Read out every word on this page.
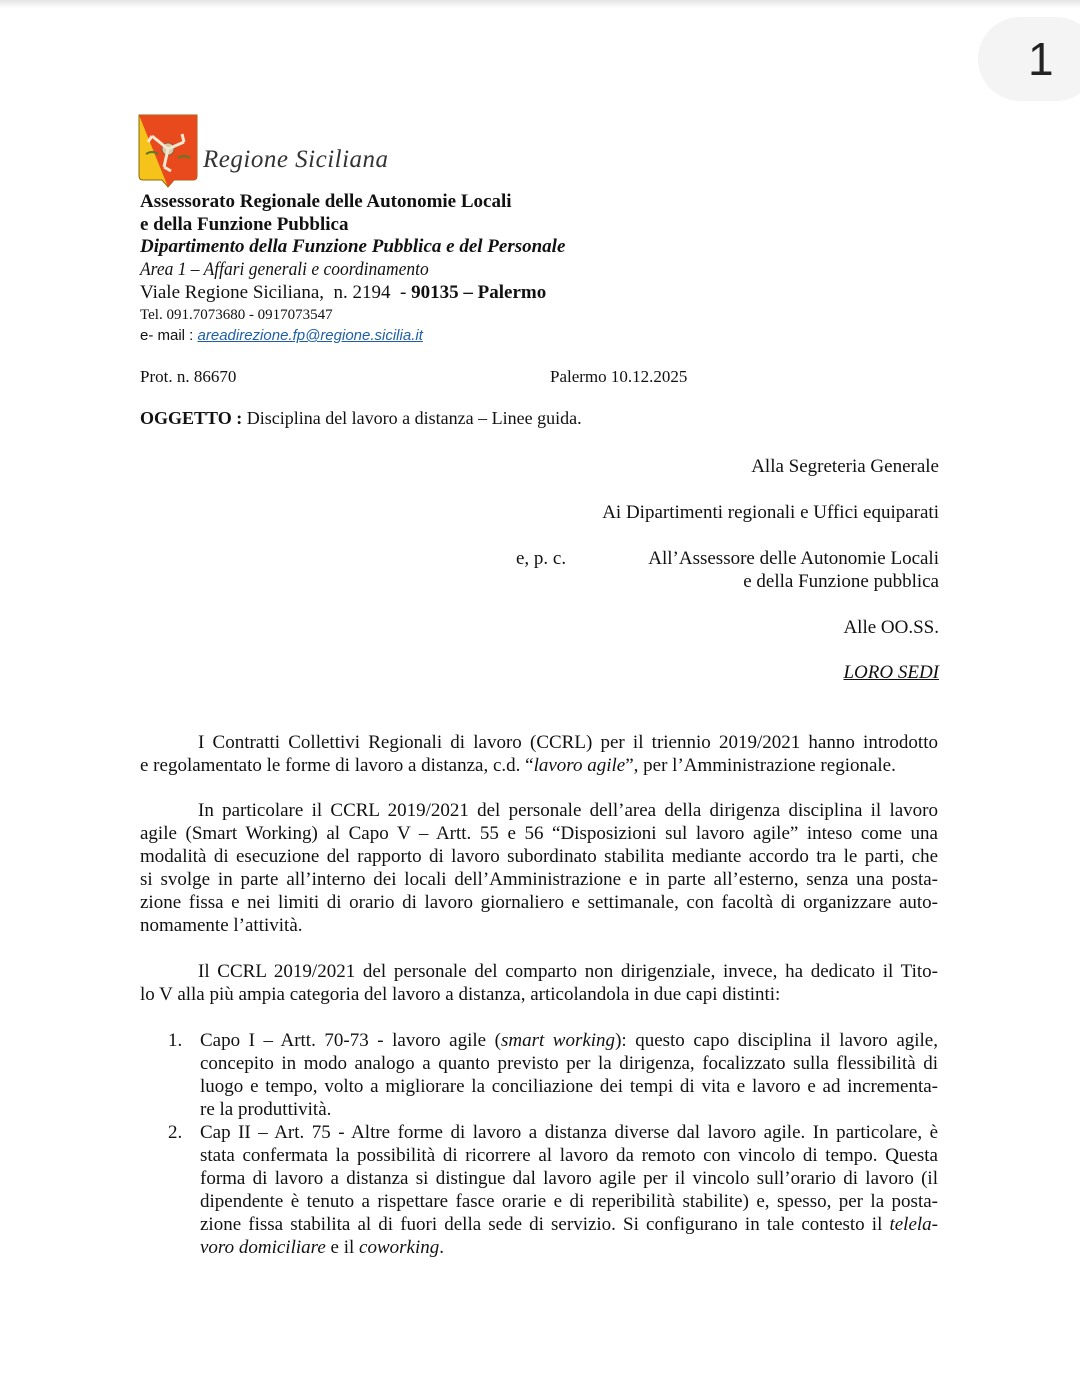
1
Regione Siciliana
Assessorato Regionale delle Autonomie Locali
e della Funzione Pubblica
Dipartimento della Funzione Pubblica e del Personale
Area 1 – Affari generali e coordinamento
Viale Regione Siciliana,  n. 2194  - 90135 – Palermo
Tel. 091.7073680 - 0917073547
e- mail : areadirezione.fp@regione.sicilia.it
Prot. n. 86670	Palermo 10.12.2025
OGGETTO : Disciplina del lavoro a distanza – Linee guida.
Alla Segreteria Generale
Ai Dipartimenti regionali e Uffici equiparati
e, p. c.	All’Assessore delle Autonomie Locali
e della Funzione pubblica
Alle OO.SS.
LORO SEDI
I Contratti Collettivi Regionali di lavoro (CCRL) per il triennio 2019/2021 hanno introdotto
e regolamentato le forme di lavoro a distanza, c.d. “lavoro agile”, per l’Amministrazione regionale.
In particolare il CCRL 2019/2021 del personale dell’area della dirigenza disciplina il lavoro
agile (Smart Working) al Capo V – Artt. 55 e 56 “Disposizioni sul lavoro agile” inteso come una
modalità di esecuzione del rapporto di lavoro subordinato stabilita mediante accordo tra le parti, che
si svolge in parte all’interno dei locali dell’Amministrazione e in parte all’esterno, senza una posta-
zione fissa e nei limiti di orario di lavoro giornaliero e settimanale, con facoltà di organizzare auto-
nomamente l’attività.
Il CCRL 2019/2021 del personale del comparto non dirigenziale, invece, ha dedicato il Tito-
lo V alla più ampia categoria del lavoro a distanza, articolandola in due capi distinti:
1. Capo I – Artt. 70-73 - lavoro agile (smart working): questo capo disciplina il lavoro agile,
concepito in modo analogo a quanto previsto per la dirigenza, focalizzato sulla flessibilità di
luogo e tempo, volto a migliorare la conciliazione dei tempi di vita e lavoro e ad incrementa-
re la produttività.
2. Cap II – Art. 75 - Altre forme di lavoro a distanza diverse dal lavoro agile. In particolare, è
stata confermata la possibilità di ricorrere al lavoro da remoto con vincolo di tempo. Questa
forma di lavoro a distanza si distingue dal lavoro agile per il vincolo sull’orario di lavoro (il
dipendente è tenuto a rispettare fasce orarie e di reperibilità stabilite) e, spesso, per la posta-
zione fissa stabilita al di fuori della sede di servizio. Si configurano in tale contesto il telela-
voro domiciliare e il coworking.
